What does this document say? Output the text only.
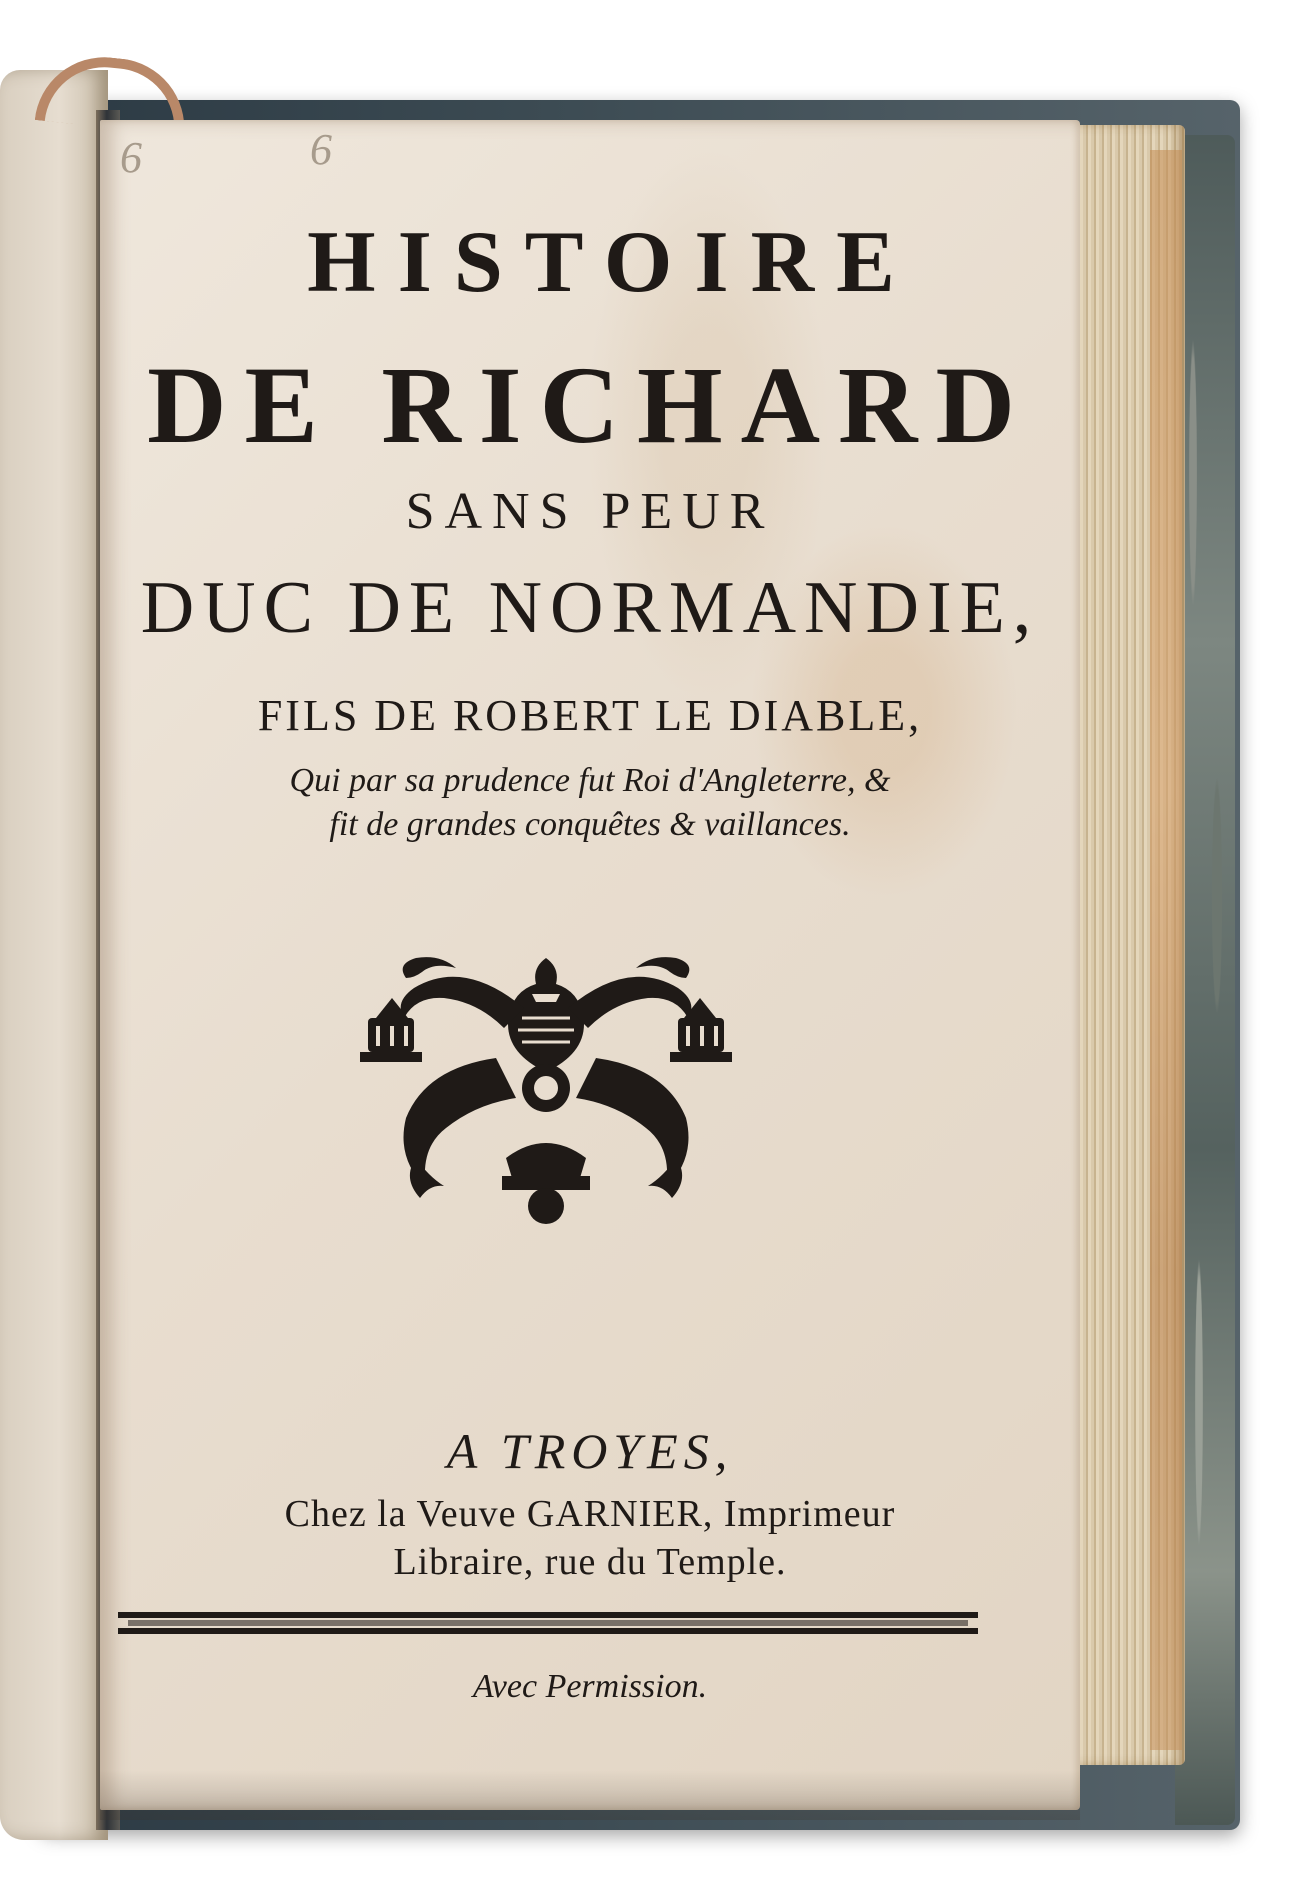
6	6
HISTOIRE
DE RICHARD
SANS PEUR
DUC DE NORMANDIE,
FILS DE ROBERT LE DIABLE,
Qui par sa prudence fut Roi d'Angleterre, &
fit de grandes conquêtes & vaillances.
A TROYES,
Chez la Veuve GARNIER, Imprimeur
Libraire, rue du Temple.
Avec Permission.
